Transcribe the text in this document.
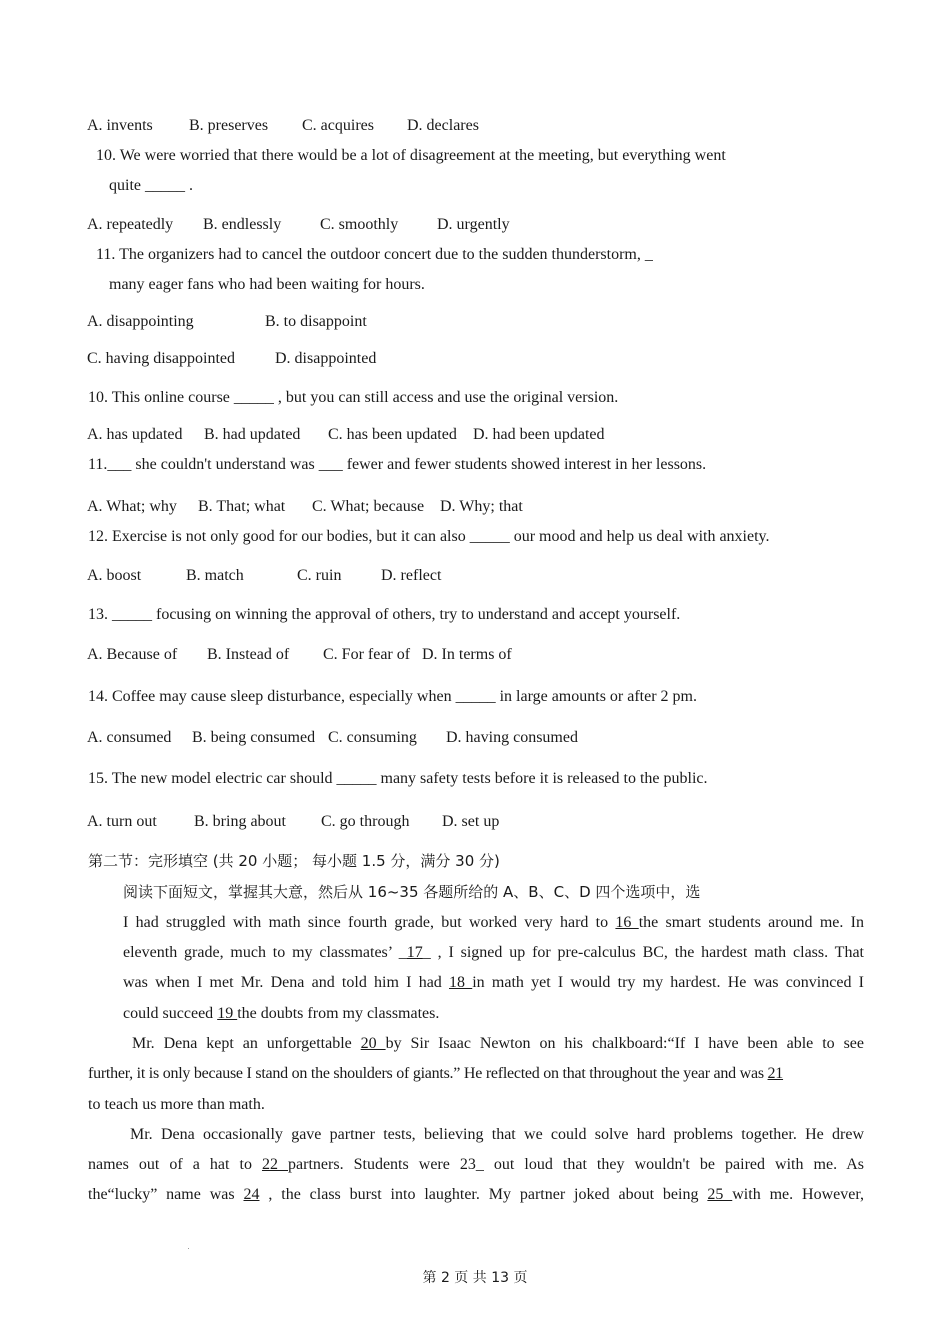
A. invents B. preserves C. acquires D. declares
10. We were worried that there would be a lot of disagreement at the meeting, but everything went
quite _____ .
A. repeatedly B. endlessly C. smoothly D. urgently
11. The organizers had to cancel the outdoor concert due to the sudden thunderstorm, _
many eager fans who had been waiting for hours.
A. disappointing	B. to disappoint
C. having disappointed	D. disappointed
10. This online course _____ , but you can still access and use the original version.
A. has updated B. had updated C. has been updated D. had been updated
11.___ she couldn't understand was ___ fewer and fewer students showed interest in her lessons.
A. What; why B. That; what C. What; because D. Why; that
12. Exercise is not only good for our bodies, but it can also _____ our mood and help us deal with anxiety.
A. boost	B. match	C. ruin D. reflect
13. _____ focusing on winning the approval of others, try to understand and accept yourself.
A. Because of B. Instead of C. For fear of D. In terms of
14. Coffee may cause sleep disturbance, especially when _____ in large amounts or after 2 pm.
A. consumed B. being consumed C. consuming D. having consumed
15. The new model electric car should _____ many safety tests before it is released to the public.
A. turn out B. bring about C. go through D. set up
第二节：完形填空 (共 20 小题； 每小题 1.5 分，满分 30 分)
阅读下面短文，掌握其大意，然后从 16~35 各题所给的 A、B、C、D 四个选项中，选
I had struggled with math since fourth grade, but worked very hard to 16 the smart students around me. In
eleventh grade, much to my classmates’ _17_ , I signed up for pre-calculus BC, the hardest math class. That
was when I met Mr. Dena and told him I had 18 in math yet I would try my hardest. He was convinced I
could succeed 19 the doubts from my classmates.
Mr. Dena kept an unforgettable 20 by Sir Isaac Newton on his chalkboard:“If I have been able to see
further, it is only because I stand on the shoulders of giants.” He reflected on that throughout the year and was 21
to teach us more than math.
Mr. Dena occasionally gave partner tests, believing that we could solve hard problems together. He drew
names out of a hat to 22 partners. Students were 23_ out loud that they wouldn't be paired with me. As
the“lucky” name was 24 , the class burst into laughter. My partner joked about being 25 with me. However,
第 2 页 共 13 页
